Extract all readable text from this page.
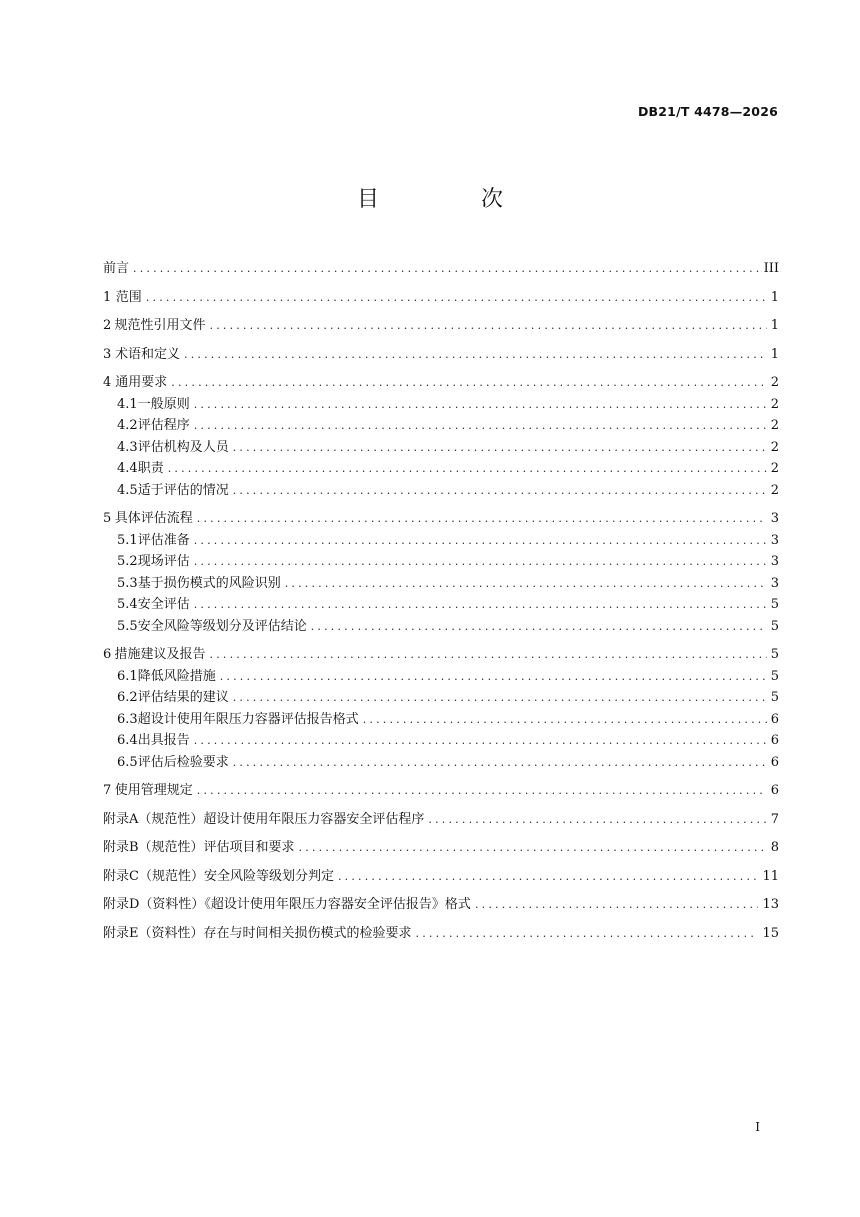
DB21/T 4478—2026
目　次
前言 .....	III
1 范围 .....	1
2 规范性引用文件 .....	1
3 术语和定义 .....	1
4 通用要求 .....	2
4.1 一般原则 .....	2
4.2 评估程序 .....	2
4.3 评估机构及人员 .....	2
4.4 职责 .....	2
4.5 适于评估的情况 .....	2
5 具体评估流程 .....	3
5.1 评估准备 .....	3
5.2 现场评估 .....	3
5.3 基于损伤模式的风险识别 .....	3
5.4 安全评估 .....	5
5.5 安全风险等级划分及评估结论 .....	5
6 措施建议及报告 .....	5
6.1 降低风险措施 .....	5
6.2 评估结果的建议 .....	5
6.3 超设计使用年限压力容器评估报告格式 .....	6
6.4 出具报告 .....	6
6.5 评估后检验要求 .....	6
7 使用管理规定 .....	6
附录A（规范性）超设计使用年限压力容器安全评估程序 .....	7
附录B（规范性）评估项目和要求 .....	8
附录C（规范性）安全风险等级划分判定 .....	11
附录D（资料性）《超设计使用年限压力容器安全评估报告》格式 .....	13
附录E（资料性）存在与时间相关损伤模式的检验要求 .....	15
I
